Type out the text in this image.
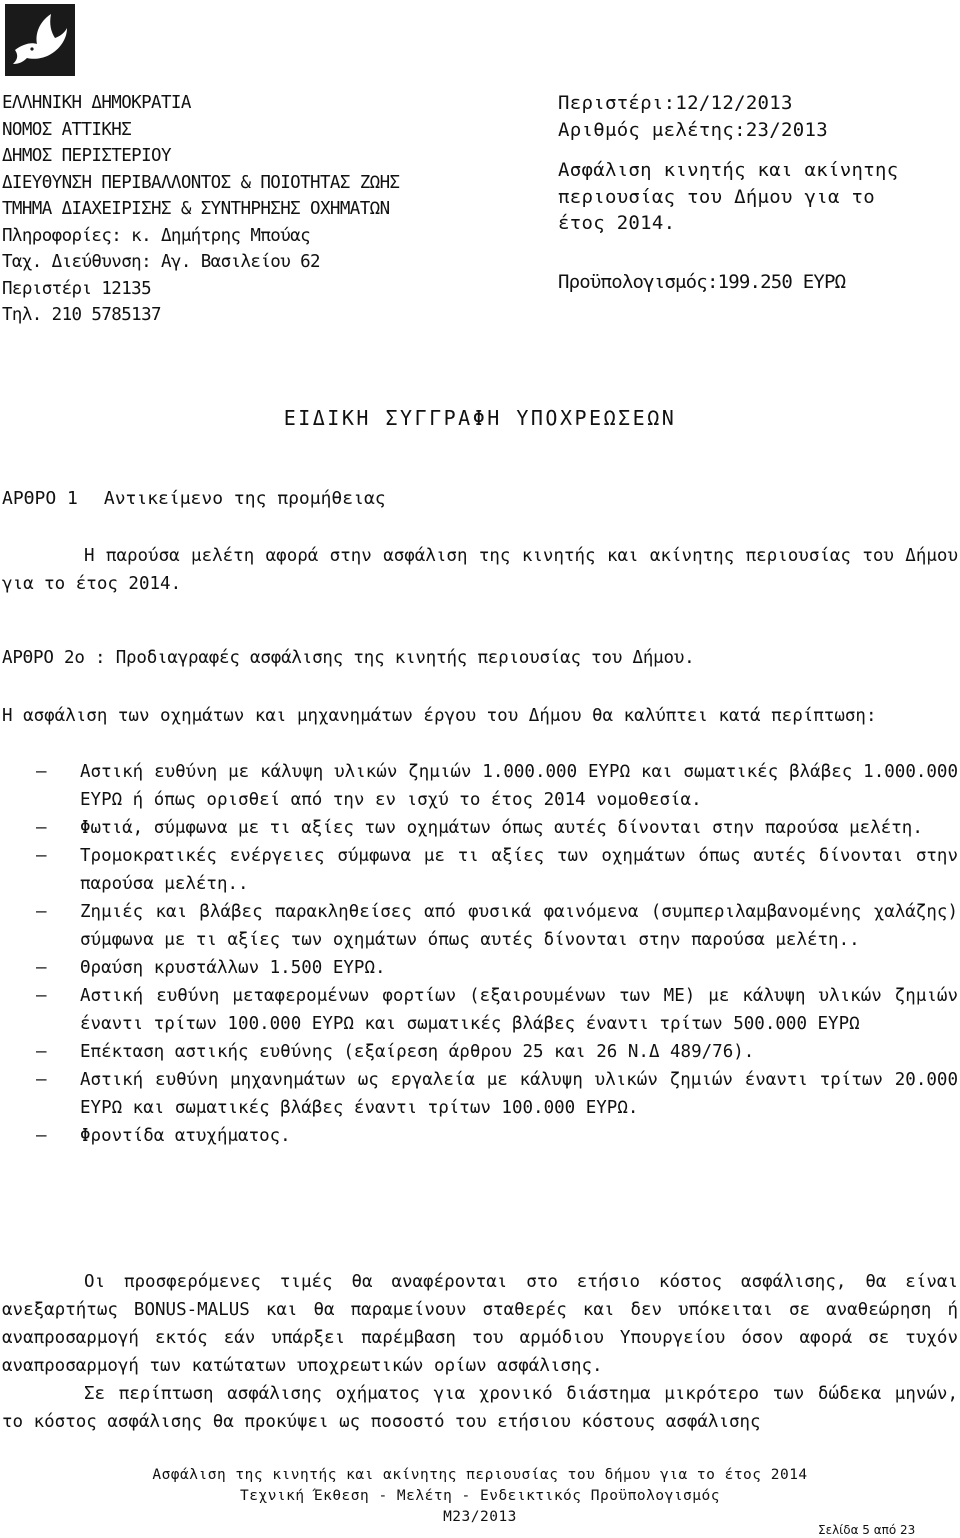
ΕΛΛΗΝΙΚΗ ΔΗΜΟΚΡΑΤΙΑ
ΝΟΜΟΣ ΑΤΤΙΚΗΣ
ΔΗΜΟΣ ΠΕΡΙΣΤΕΡΙΟΥ
ΔΙΕΥΘΥΝΣΗ ΠΕΡΙΒΑΛΛΟΝΤΟΣ & ΠΟΙΟΤΗΤΑΣ ΖΩΗΣ
ΤΜΗΜΑ ΔΙΑΧΕΙΡΙΣΗΣ & ΣΥΝΤΗΡΗΣΗΣ ΟΧΗΜΑΤΩΝ
Πληροφορίες: κ. Δημήτρης Μπούας
Ταχ. Διεύθυνση: Αγ. Βασιλείου 62
Περιστέρι 12135
Τηλ. 210 5785137
Περιστέρι:12/12/2013
Αριθμός μελέτης:23/2013
Ασφάλιση κινητής και ακίνητης
περιουσίας του Δήμου για το
έτος 2014.
Προϋπολογισμός:199.250 ΕΥΡΩ
ΕΙΔΙΚΗ ΣΥΓΓΡΑΦΗ ΥΠΟΧΡΕΩΣΕΩΝ
ΑΡΘΡΟ 1 Αντικείμενο της προμήθειας
Η παρούσα μελέτη αφορά στην ασφάλιση της κινητής και ακίνητης περιουσίας του Δήμου για το έτος 2014.
ΑΡΘΡΟ 2ο : Προδιαγραφές ασφάλισης της κινητής περιουσίας του Δήμου.
Η ασφάλιση των οχημάτων και μηχανημάτων έργου του Δήμου θα καλύπτει κατά περίπτωση:
– Αστική ευθύνη με κάλυψη υλικών ζημιών 1.000.000 ΕΥΡΩ και σωματικές βλάβες 1.000.000 ΕΥΡΩ ή όπως ορισθεί από την εν ισχύ το έτος 2014 νομοθεσία.
– Φωτιά, σύμφωνα με τι αξίες των οχημάτων όπως αυτές δίνονται στην παρούσα μελέτη.
– Τρομοκρατικές ενέργειες σύμφωνα με τι αξίες των οχημάτων όπως αυτές δίνονται στην παρούσα μελέτη..
– Ζημιές και βλάβες παρακληθείσες από φυσικά φαινόμενα (συμπεριλαμβανομένης χαλάζης) σύμφωνα με τι αξίες των οχημάτων όπως αυτές δίνονται στην παρούσα μελέτη..
– Θραύση κρυστάλλων 1.500 ΕΥΡΩ.
– Αστική ευθύνη μεταφερομένων φορτίων (εξαιρουμένων των ΜΕ) με κάλυψη υλικών ζημιών έναντι τρίτων 100.000 ΕΥΡΩ και σωματικές βλάβες έναντι τρίτων 500.000 ΕΥΡΩ
– Επέκταση αστικής ευθύνης (εξαίρεση άρθρου 25 και 26 Ν.Δ 489/76).
– Αστική ευθύνη μηχανημάτων ως εργαλεία με κάλυψη υλικών ζημιών έναντι τρίτων 20.000 ΕΥΡΩ και σωματικές βλάβες έναντι τρίτων 100.000 ΕΥΡΩ.
– Φροντίδα ατυχήματος.
Οι προσφερόμενες τιμές θα αναφέρονται στο ετήσιο κόστος ασφάλισης, θα είναι ανεξαρτήτως BONUS-MALUS και θα παραμείνουν σταθερές και δεν υπόκειται σε αναθεώρηση ή αναπροσαρμογή εκτός εάν υπάρξει παρέμβαση του αρμόδιου Υπουργείου όσον αφορά σε τυχόν αναπροσαρμογή των κατώτατων υποχρεωτικών ορίων ασφάλισης.
Σε περίπτωση ασφάλισης οχήματος για χρονικό διάστημα μικρότερο των δώδεκα μηνών, το κόστος ασφάλισης θα προκύψει ως ποσοστό του ετήσιου κόστους ασφάλισης
Ασφάλιση της κινητής και ακίνητης περιουσίας του δήμου για το έτος 2014
Τεχνική Έκθεση - Μελέτη - Ενδεικτικός Προϋπολογισμός
Μ23/2013
Σελίδα 5 από 23
